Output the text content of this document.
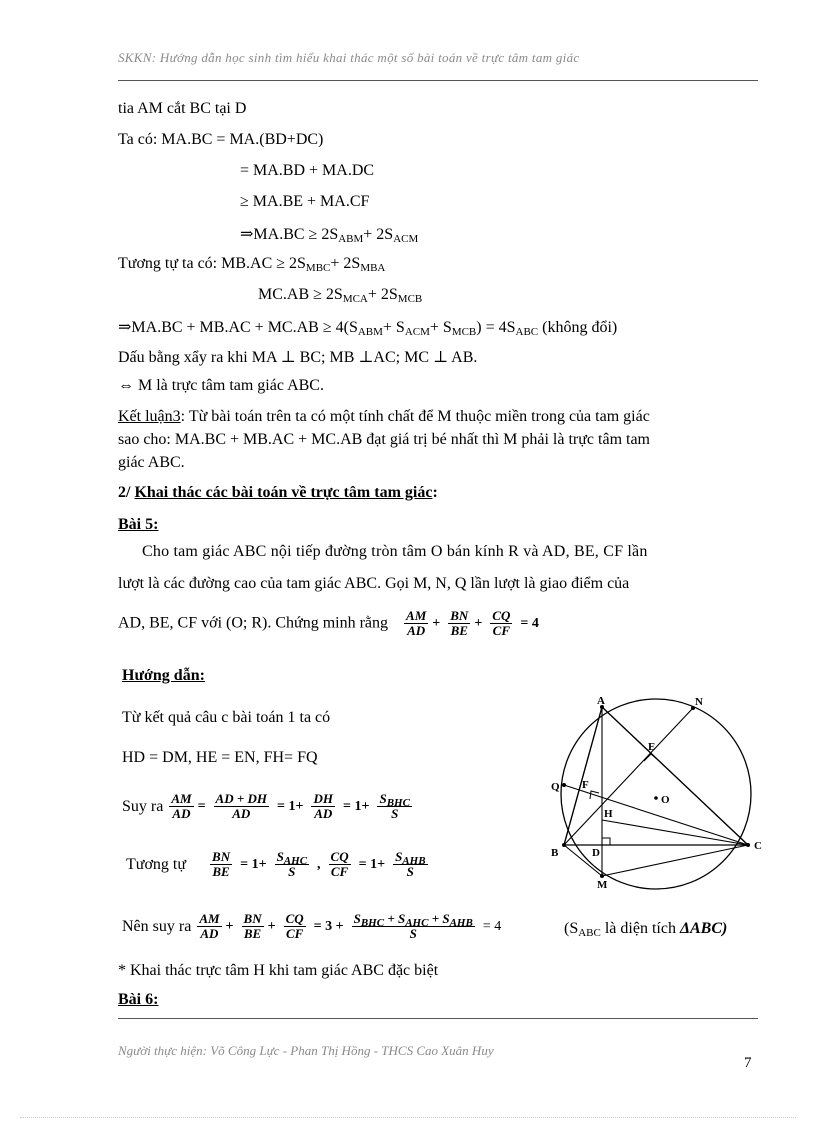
SKKN: Hướng dẫn học sinh tìm hiểu khai thác một số bài toán về trực tâm tam giác
tia AM cắt BC tại D
Ta có: MA.BC = MA.(BD+DC)
= MA.BD + MA.DC
≥ MA.BE + MA.CF
⇒MA.BC ≥ $2S_{ABM}+ 2S_{ACM}$
Tương tự ta có: $MB.AC \ge 2S_{MBC}+ 2S_{MBA}$
$MC.AB \ge 2S_{MCA}+ 2S_{MCB}$
⇒MA.BC + $MB.AC + MC.AB \ge 4(S_{ABM}+ S_{ACM}+ S_{MCB}) = 4S_{ABC}$ (không đổi)
Dấu bằng xẩy ra khi MA ⊥ BC; MB ⊥AC; MC ⊥ AB.
⇔ M là trực tâm tam giác ABC.
Kết luận3: Từ bài toán trên ta có một tính chất để M thuộc miền trong của tam giác
sao cho: MA.BC + MB.AC + MC.AB đạt giá trị bé nhất thì M phải là trực tâm tam
giác ABC.
2/ Khai thác các bài toán về trực tâm tam giác:
Bài 5:
Cho tam giác ABC nội tiếp đường tròn tâm O bán kính R và AD, BE, CF lần
lượt là các đường cao của tam giác ABC. Gọi M, N, Q lần lượt là giao điểm của
AD, BE, CF với (O; R). Chứng minh rằng $\frac{AM}{AD} + \frac{BN}{BE} + \frac{CQ}{CF} = 4$
Hướng dẫn:
Từ kết quả câu c bài toán 1 ta có
HD = DM, HE = EN, FH= FQ
Suy ra $\frac{AM}{AD} = \frac{AD + DH}{AD} = 1+ \frac{DH}{AD} = 1+ \frac{S_{BHC}}{S}$
Tương tự $\frac{BN}{BE} = 1+ \frac{S_{AHC}}{S}$ , $\frac{CQ}{CF} = 1+ \frac{S_{AHB}}{S}$
Nên suy ra $\frac{AM}{AD} + \frac{BN}{BE} + \frac{CQ}{CF} = 3 + \frac{S_{BHC} + S_{AHC} + S_{AHB}}{S} = 4$	($S_{ABC}$ là diện tích ΔABC)
* Khai thác trực tâm H khi tam giác ABC đặc biệt
Bài 6:
A	N
E
Q F
O
H
B	D
C
M
Người thực hiện: Võ Công Lực - Phan Thị Hồng - THCS Cao Xuân Huy
7
